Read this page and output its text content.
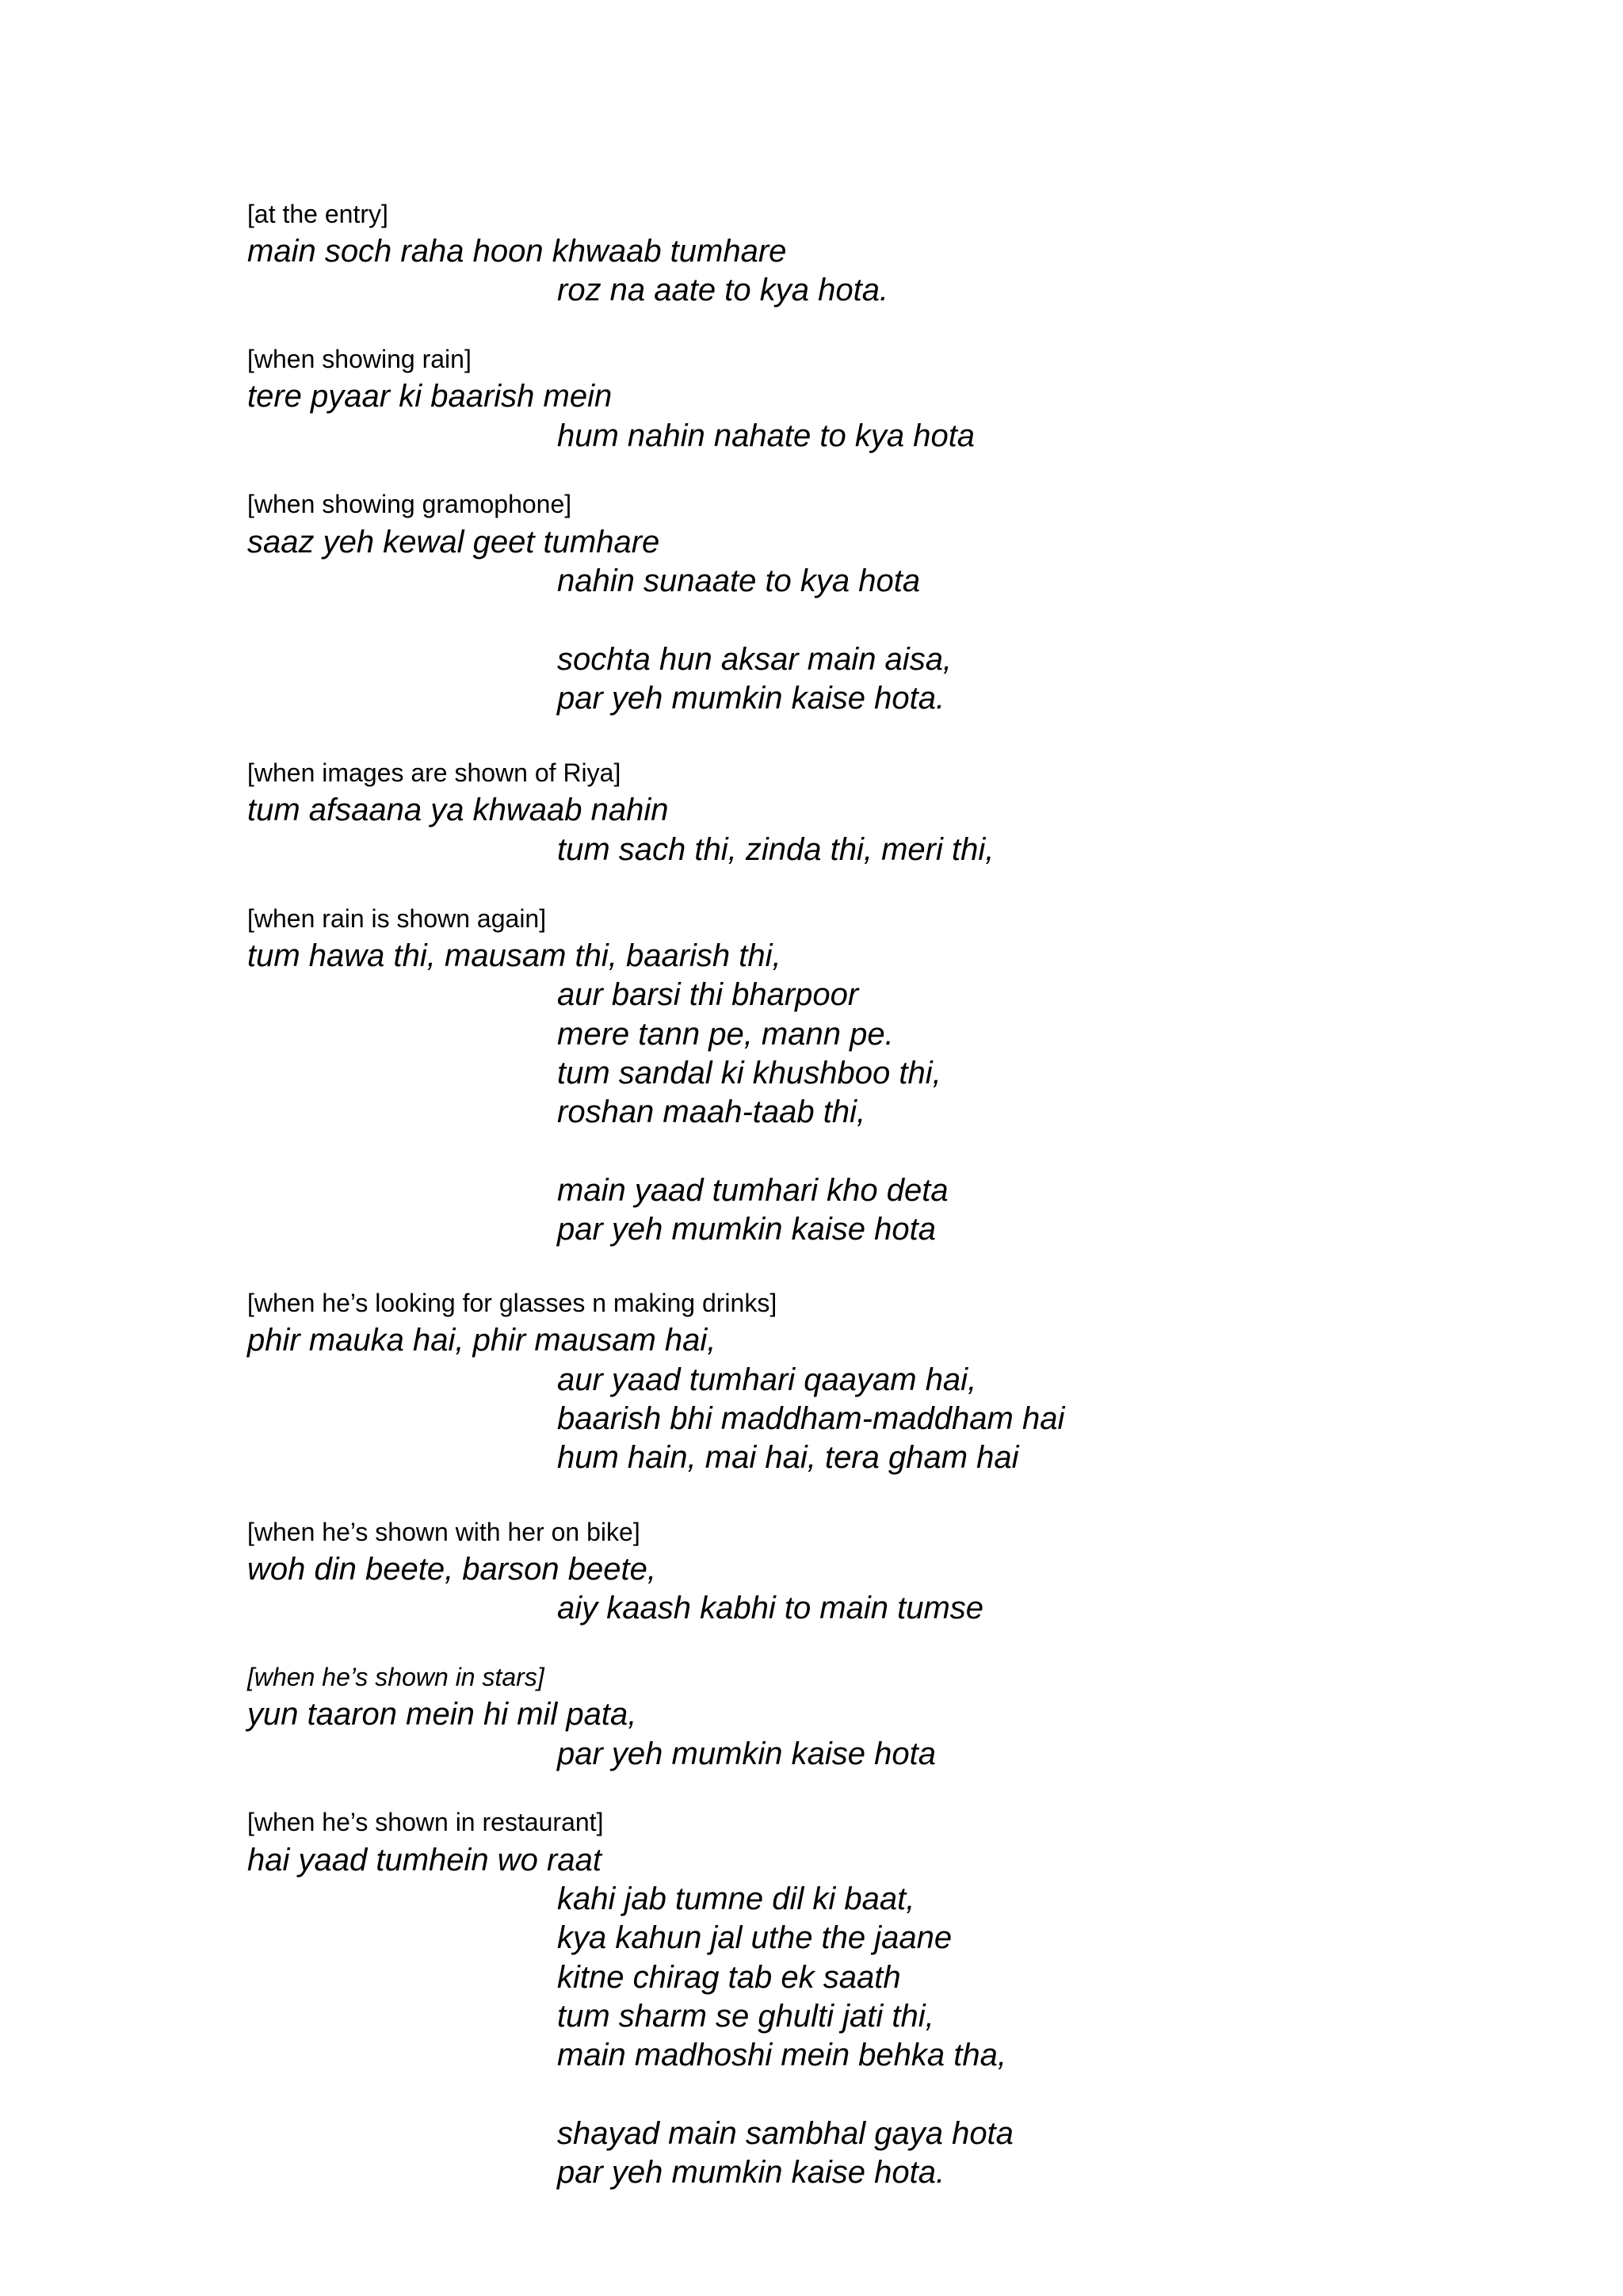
[at the entry]
main soch raha hoon khwaab tumhare
roz na aate to kya hota.
[when showing rain]
tere pyaar ki baarish mein
hum nahin nahate to kya hota
[when showing gramophone]
saaz yeh kewal geet tumhare
nahin sunaate to kya hota
sochta hun aksar main aisa,
par yeh mumkin kaise hota.
[when images are shown of Riya]
tum afsaana ya khwaab nahin
tum sach thi, zinda thi, meri thi,
[when rain is shown again]
tum hawa thi, mausam thi, baarish thi,
aur barsi thi bharpoor
mere tann pe, mann pe.
tum sandal ki khushboo thi,
roshan maah-taab thi,
main yaad tumhari kho deta
par yeh mumkin kaise hota
[when he’s looking for glasses n making drinks]
phir mauka hai, phir mausam hai,
aur yaad tumhari qaayam hai,
baarish bhi maddham-maddham hai
hum hain, mai hai, tera gham hai
[when he’s shown with her on bike]
woh din beete, barson beete,
aiy kaash kabhi to main tumse
[when he’s shown in stars]
yun taaron mein hi mil pata,
par yeh mumkin kaise hota
[when he’s shown in restaurant]
hai yaad tumhein wo raat
kahi jab tumne dil ki baat,
kya kahun jal uthe the jaane
kitne chirag tab ek saath
tum sharm se ghulti jati thi,
main madhoshi mein behka tha,
shayad main sambhal gaya hota
par yeh mumkin kaise hota.
